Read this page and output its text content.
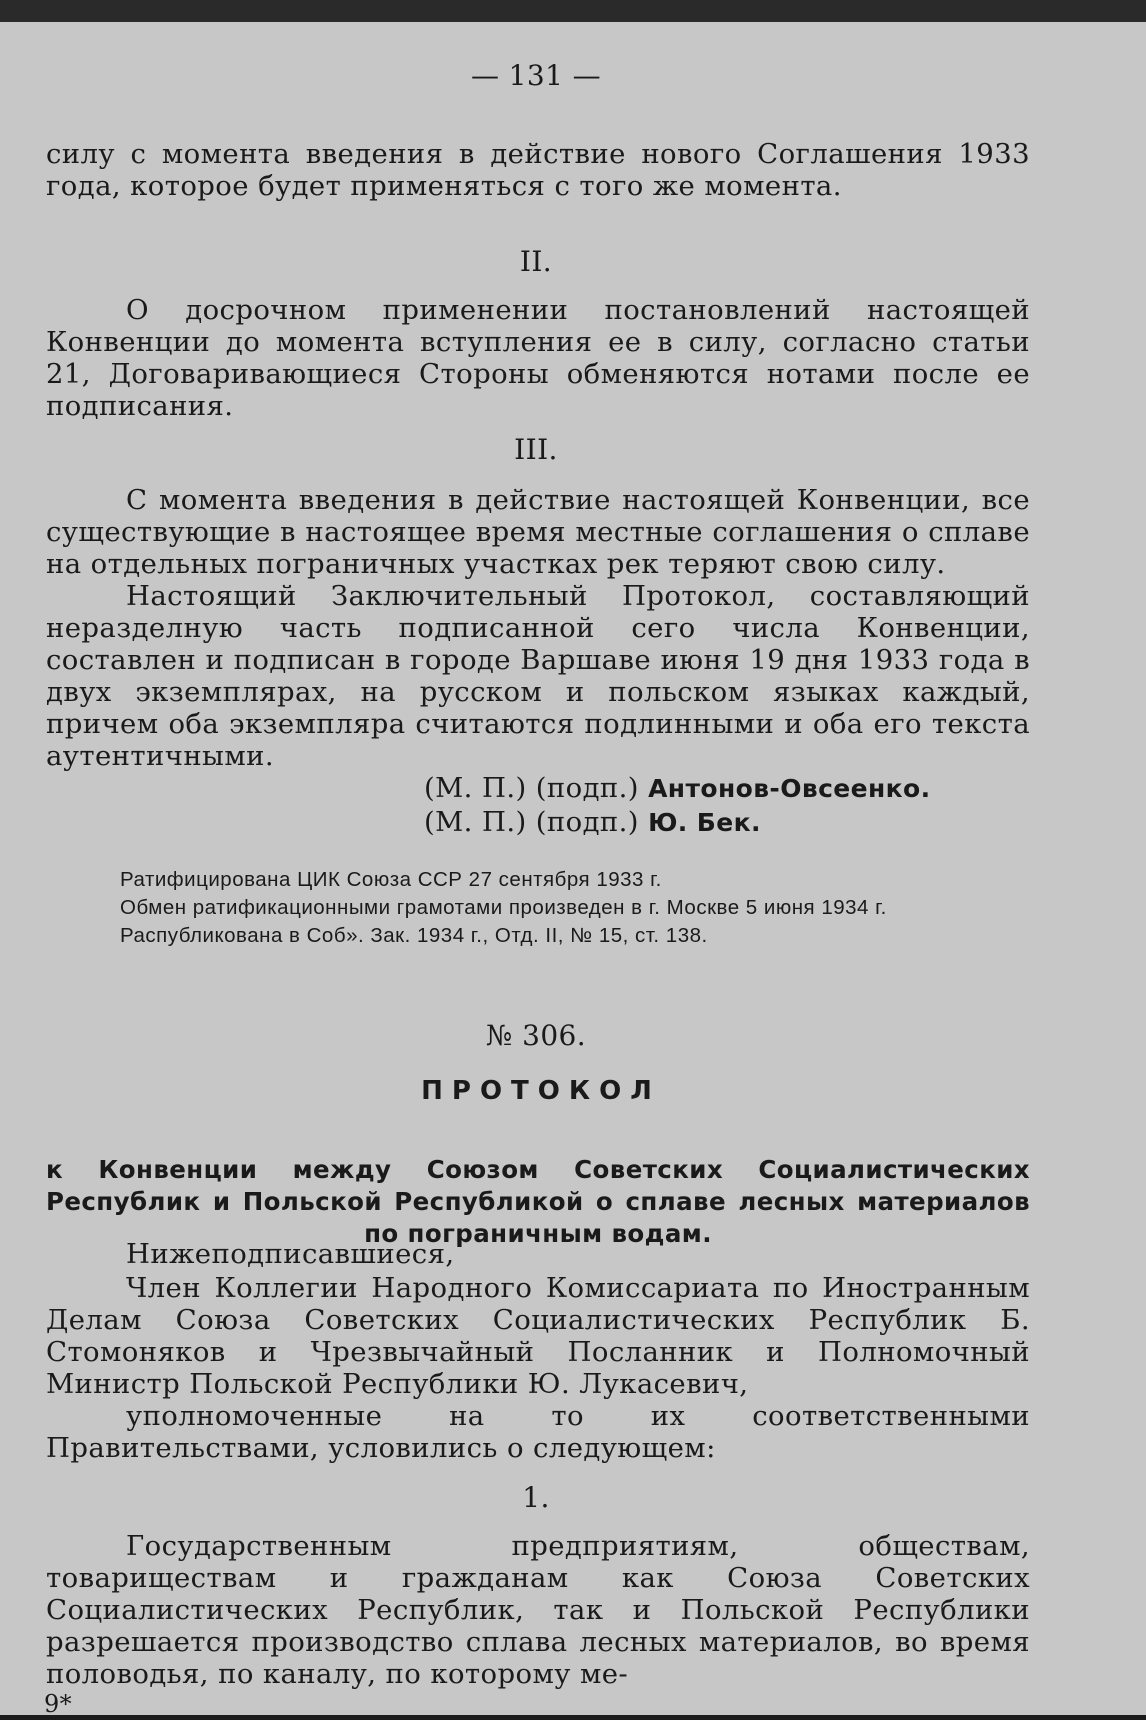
— 131 —

силу с момента введения в действие нового Соглашения 1933 года, которое будет применяться с того же момента.

II.

О досрочном применении постановлений настоящей Конвенции до момента вступления ее в силу, согласно статьи 21, Договаривающиеся Стороны обменяются нотами после ее подписания.

III.

С момента введения в действие настоящей Конвенции, все существующие в настоящее время местные соглашения о сплаве на отдельных пограничных участках рек теряют свою силу.

Настоящий Заключительный Протокол, составляющий неразделную часть подписанной сего числа Конвенции, составлен и подписан в городе Варшаве июня 19 дня 1933 года в двух экземплярах, на русском и польском языках каждый, причем оба экземпляра считаются подлинными и оба его текста аутентичными.

(М. П.) (подп.) Антонов-Овсеенко.
(М. П.) (подп.) Ю. Бек.
Ратифицирована ЦИК Союза ССР 27 сентября 1933 г.
Обмен ратификационными грамотами произведен в г. Москве 5 июня 1934 г.
Распубликована в Соб». Зак. 1934 г., Отд. II, № 15, ст. 138.
№ 306.
ПРОТОКОЛ

к Конвенции между Союзом Советских Социалистических Республик и Польской Республикой о сплаве лесных материалов по пограничным водам.

Нижеподписавшиеся,

Член Коллегии Народного Комиссариата по Иностранным Делам Союза Советских Социалистических Республик Б. Стомоняков и Чрезвычайный Посланник и Полномочный Министр Польской Республики Ю. Лукасевич,

уполномоченные на то их соответственными Правительствами, условились о следующем:

1.

Государственным предприятиям, обществам, товариществам и гражданам как Союза Советских Социалистических Республик, так и Польской Республики разрешается производство сплава лесных материалов, во время половодья, по каналу, по которому ме-

9*
